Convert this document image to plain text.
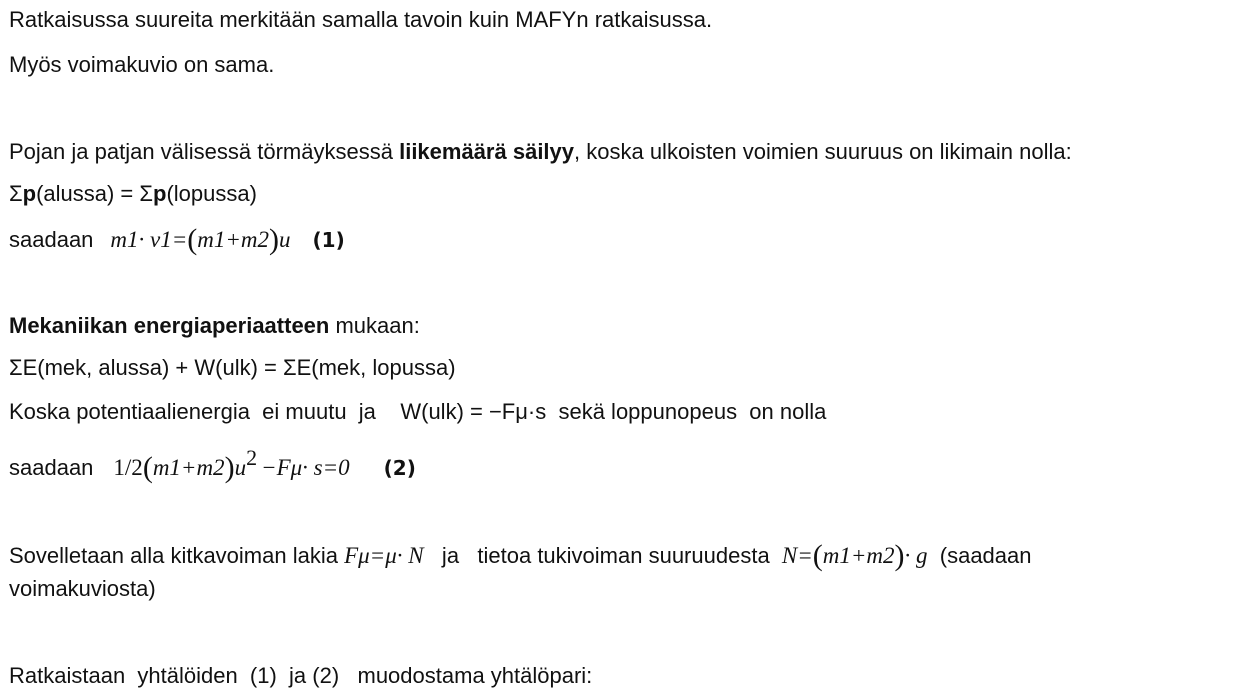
Ratkaisussa suureita merkitään samalla tavoin kuin MAFYn ratkaisussa.
Myös voimakuvio on sama.
Pojan ja patjan välisessä törmäyksessä liikemäärä säilyy, koska ulkoisten voimien suuruus on likimain nolla:
Σp(alussa) = Σp(lopussa)
saadaan m1· v1=(m1+m2)u (1)
Mekaniikan energiaperiaatteen mukaan:
ΣE(mek, alussa) + W(ulk) = ΣE(mek, lopussa)
Koska potentiaalienergia  ei muutu  ja    W(ulk) = −Fμ·s  sekä loppunopeus  on nolla
saadaan 1/2(m1+m2)u2 −Fμ· s=0 (2)
Sovelletaan alla kitkavoiman lakia Fμ=μ· N   ja   tietoa tukivoiman suuruudesta  N=(m1+m2)· g  (saadaan
voimakuviosta)
Ratkaistaan  yhtälöiden  (1)  ja (2)   muodostama yhtälöpari:
